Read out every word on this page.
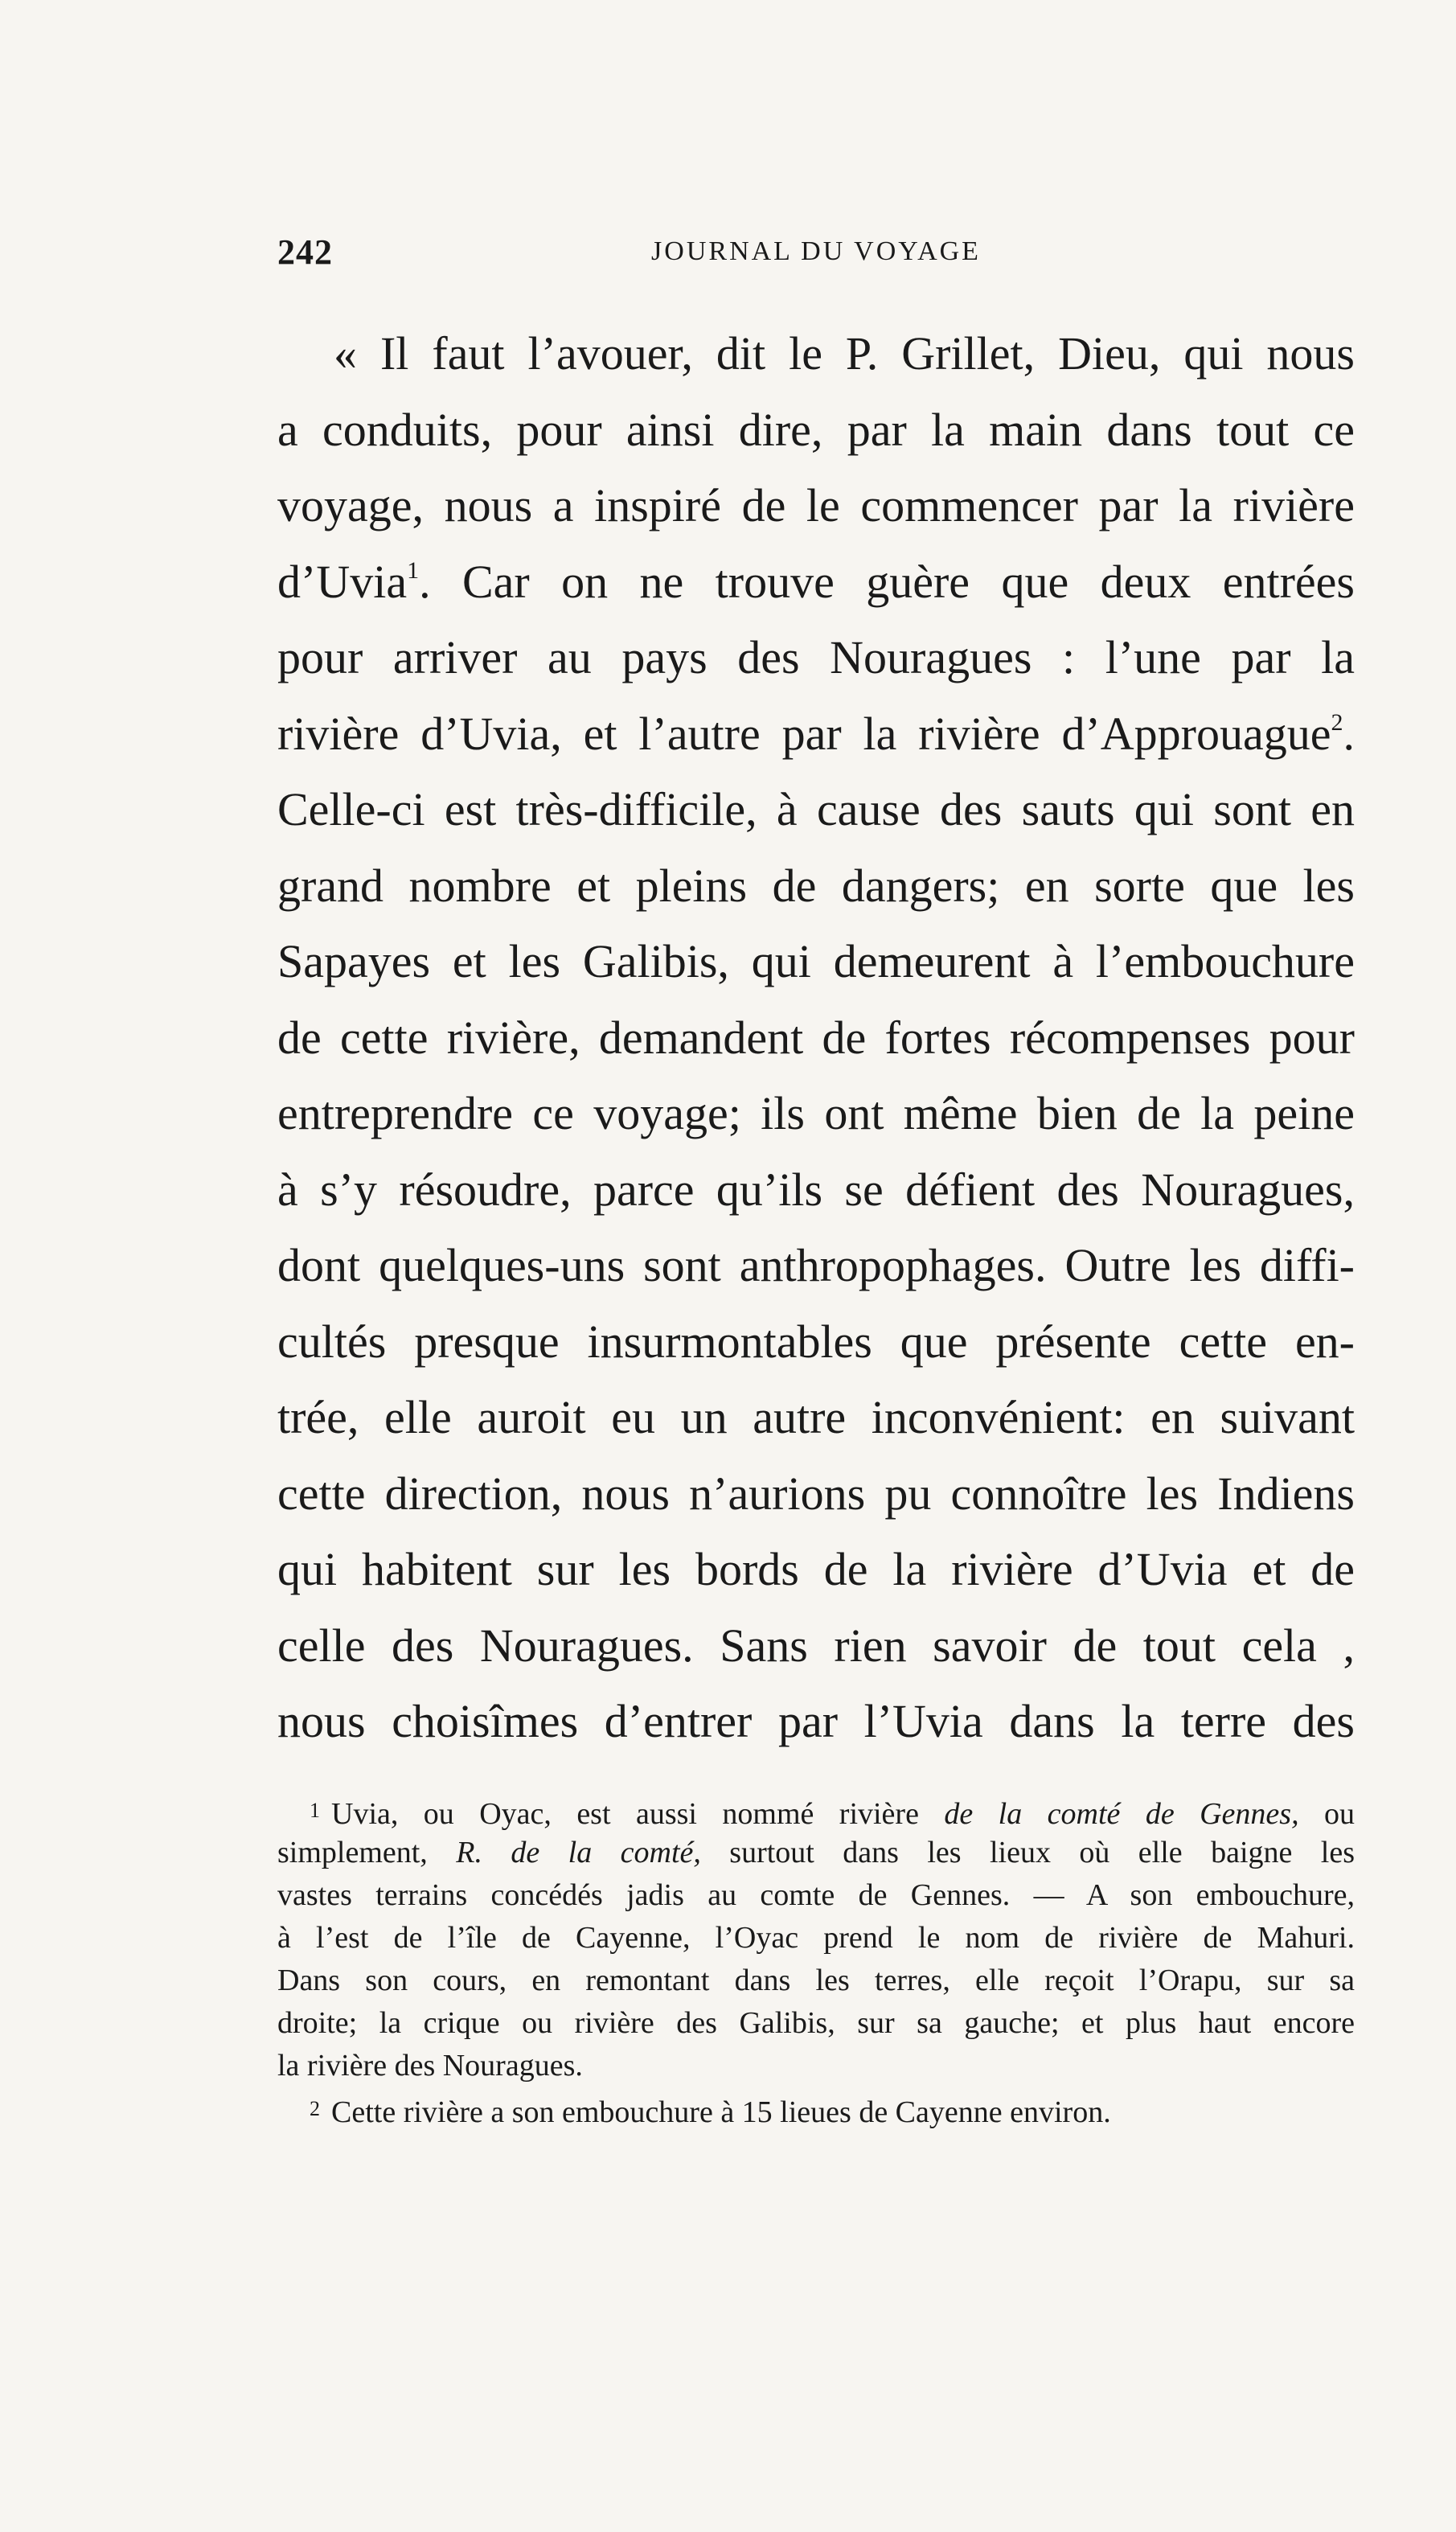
242	JOURNAL DU VOYAGE
« Il faut l’avouer, dit le P. Grillet, Dieu, qui nous
a conduits, pour ainsi dire, par la main dans tout ce
voyage, nous a inspiré de le commencer par la rivière
d’Uvia$^1$. Car on ne trouve guère que deux entrées
pour arriver au pays des Nouragues : l’une par la
rivière d’Uvia, et l’autre par la rivière d’Approuague$^2$.
Celle-ci est très-difficile, à cause des sauts qui sont en
grand nombre et pleins de dangers; en sorte que les
Sapayes et les Galibis, qui demeurent à l’embouchure
de cette rivière, demandent de fortes récompenses pour
entreprendre ce voyage; ils ont même bien de la peine
à s’y résoudre, parce qu’ils se défient des Nouragues,
dont quelques-uns sont anthropophages. Outre les diffi-
cultés presque insurmontables que présente cette en-
trée, elle auroit eu un autre inconvénient: en suivant
cette direction, nous n’aurions pu connoître les Indiens
qui habitent sur les bords de la rivière d’Uvia et de
celle des Nouragues. Sans rien savoir de tout cela ,
nous choisîmes d’entrer par l’Uvia dans la terre des
$^1$ Uvia, ou Oyac, est aussi nommé rivière de la comté de Gennes, ou
simplement, R. de la comté, surtout dans les lieux où elle baigne les
vastes terrains concédés jadis au comte de Gennes. — A son embouchure,
à l’est de l’île de Cayenne, l’Oyac prend le nom de rivière de Mahuri.
Dans son cours, en remontant dans les terres, elle reçoit l’Orapu, sur sa
droite; la crique ou rivière des Galibis, sur sa gauche; et plus haut encore
la rivière des Nouragues.
$^2$ Cette rivière a son embouchure à 15 lieues de Cayenne environ.
